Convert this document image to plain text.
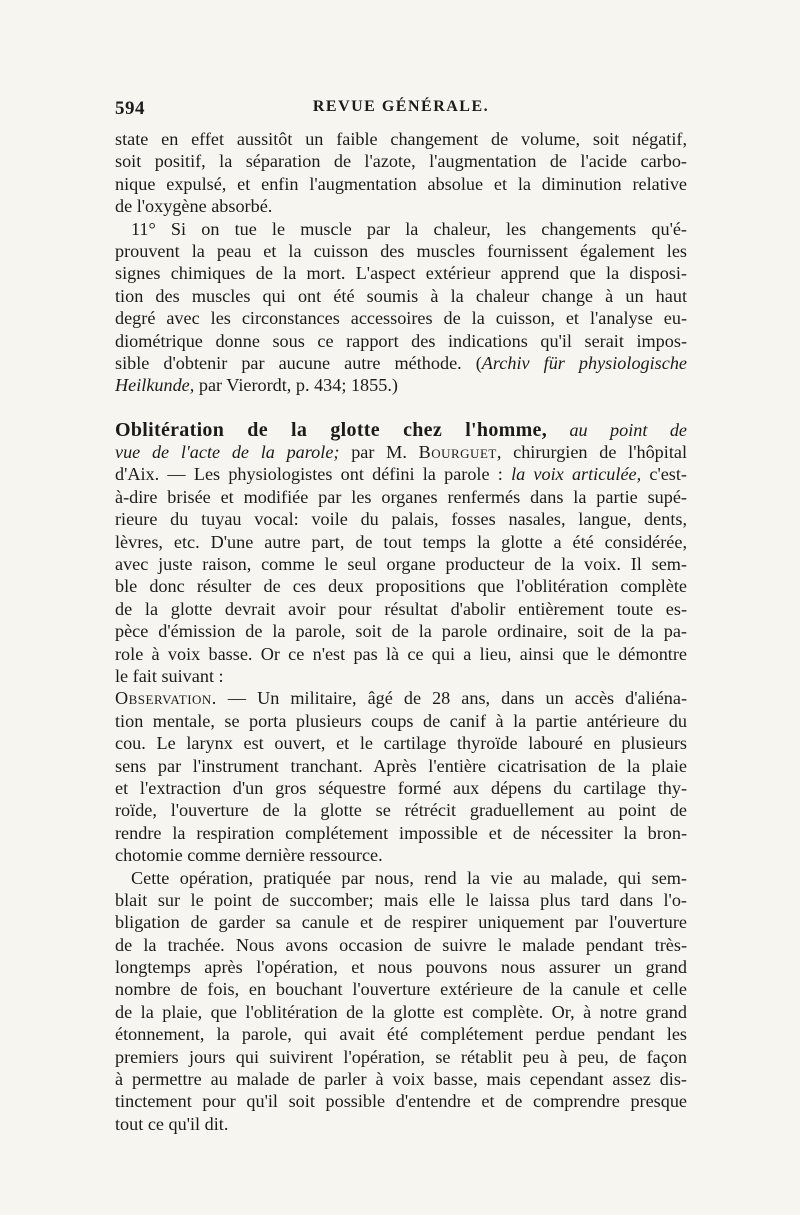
594	REVUE GÉNÉRALE.
state en effet aussitôt un faible changement de volume, soit négatif,
soit positif, la séparation de l'azote, l'augmentation de l'acide carbo-
nique expulsé, et enfin l'augmentation absolue et la diminution relative
de l'oxygène absorbé.
11° Si on tue le muscle par la chaleur, les changements qu'é-
prouvent la peau et la cuisson des muscles fournissent également les
signes chimiques de la mort. L'aspect extérieur apprend que la disposi-
tion des muscles qui ont été soumis à la chaleur change à un haut
degré avec les circonstances accessoires de la cuisson, et l'analyse eu-
diométrique donne sous ce rapport des indications qu'il serait impos-
sible d'obtenir par aucune autre méthode. (Archiv für physiologische
Heilkunde, par Vierordt, p. 434; 1855.)
Oblitération de la glotte chez l'homme, au point de
vue de l'acte de la parole; par M. Bourguet, chirurgien de l'hôpital
d'Aix. — Les physiologistes ont défini la parole : la voix articulée, c'est-
à-dire brisée et modifiée par les organes renfermés dans la partie supé-
rieure du tuyau vocal: voile du palais, fosses nasales, langue, dents,
lèvres, etc. D'une autre part, de tout temps la glotte a été considérée,
avec juste raison, comme le seul organe producteur de la voix. Il sem-
ble donc résulter de ces deux propositions que l'oblitération complète
de la glotte devrait avoir pour résultat d'abolir entièrement toute es-
pèce d'émission de la parole, soit de la parole ordinaire, soit de la pa-
role à voix basse. Or ce n'est pas là ce qui a lieu, ainsi que le démontre
le fait suivant :
Observation. — Un militaire, âgé de 28 ans, dans un accès d'aliéna-
tion mentale, se porta plusieurs coups de canif à la partie antérieure du
cou. Le larynx est ouvert, et le cartilage thyroïde labouré en plusieurs
sens par l'instrument tranchant. Après l'entière cicatrisation de la plaie
et l'extraction d'un gros séquestre formé aux dépens du cartilage thy-
roïde, l'ouverture de la glotte se rétrécit graduellement au point de
rendre la respiration complétement impossible et de nécessiter la bron-
chotomie comme dernière ressource.
Cette opération, pratiquée par nous, rend la vie au malade, qui sem-
blait sur le point de succomber; mais elle le laissa plus tard dans l'o-
bligation de garder sa canule et de respirer uniquement par l'ouverture
de la trachée. Nous avons occasion de suivre le malade pendant très-
longtemps après l'opération, et nous pouvons nous assurer un grand
nombre de fois, en bouchant l'ouverture extérieure de la canule et celle
de la plaie, que l'oblitération de la glotte est complète. Or, à notre grand
étonnement, la parole, qui avait été complétement perdue pendant les
premiers jours qui suivirent l'opération, se rétablit peu à peu, de façon
à permettre au malade de parler à voix basse, mais cependant assez dis-
tinctement pour qu'il soit possible d'entendre et de comprendre presque
tout ce qu'il dit.
